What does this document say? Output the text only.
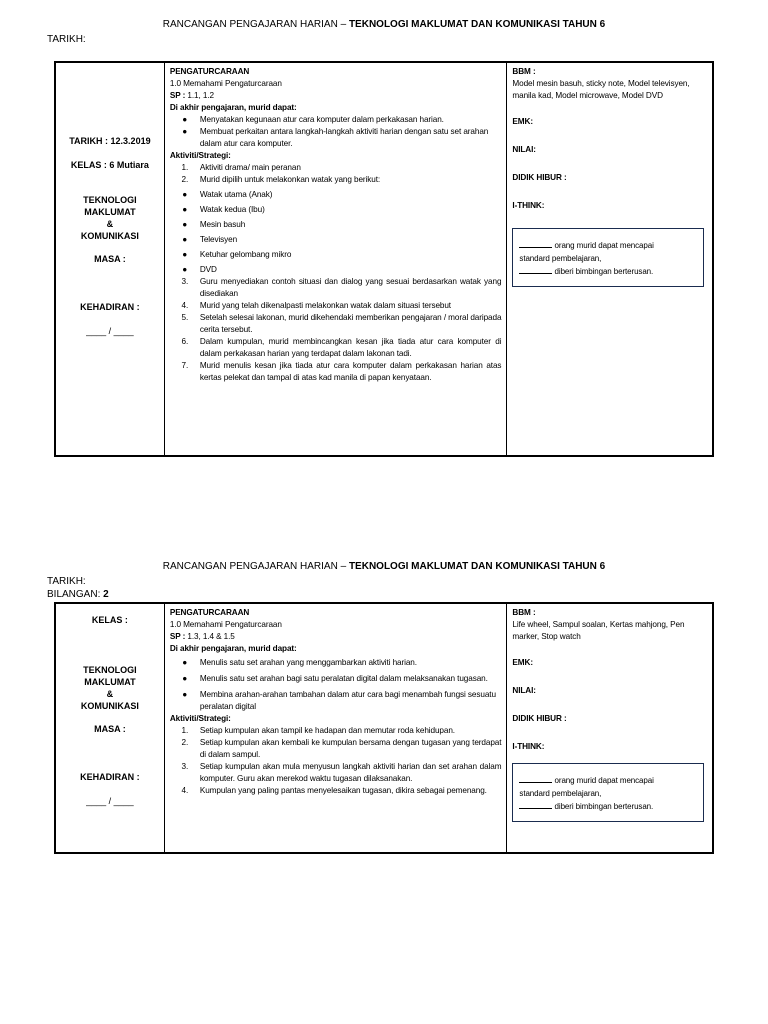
RANCANGAN PENGAJARAN HARIAN – TEKNOLOGI MAKLUMAT DAN KOMUNIKASI TAHUN 6
TARIKH:
TARIKH : 12.3.2019
KELAS : 6 Mutiara
TEKNOLOGI
MAKLUMAT
&
KOMUNIKASI
MASA :
KEHADIRAN :
____ / ____

PENGATURCARAAN
1.0 Memahami Pengaturcaraan
SP : 1.1, 1.2
Di akhir pengajaran, murid dapat:
●	Menyatakan kegunaan atur cara komputer dalam perkakasan harian.
●	Membuat perkaitan antara langkah-langkah aktiviti harian dengan satu set arahan dalam atur cara komputer.
Aktiviti/Strategi:
1.	Aktiviti drama/ main peranan
2.	Murid dipilih untuk melakonkan watak yang berikut:
●	Watak utama (Anak)
●	Watak kedua (Ibu)
●	Mesin basuh
●	Televisyen
●	Ketuhar gelombang mikro
●	DVD
3.	Guru menyediakan contoh situasi dan dialog yang sesuai berdasarkan watak yang disediakan
4.	Murid yang telah dikenalpasti melakonkan watak dalam situasi tersebut
5.	Setelah selesai lakonan, murid dikehendaki memberikan pengajaran / moral daripada cerita tersebut.
6.	Dalam kumpulan, murid membincangkan kesan jika tiada atur cara komputer di dalam perkakasan harian yang terdapat dalam lakonan tadi.
7.	Murid menulis kesan jika tiada atur cara komputer dalam perkakasan harian atas kertas pelekat dan tampal di atas kad manila di papan kenyataan.

BBM :
Model mesin basuh, sticky note, Model televisyen, manila kad, Model microwave, Model DVD
EMK:
NILAI:
DIDIK HIBUR :
I-THINK:
orang murid dapat mencapai
standard pembelajaran,
diberi bimbingan berterusan.
RANCANGAN PENGAJARAN HARIAN – TEKNOLOGI MAKLUMAT DAN KOMUNIKASI TAHUN 6
TARIKH:
BILANGAN: 2
KELAS :
TEKNOLOGI
MAKLUMAT
&
KOMUNIKASI
MASA :
KEHADIRAN :
____ / ____

PENGATURCARAAN
1.0 Memahami Pengaturcaraan
SP : 1.3, 1.4 & 1.5
Di akhir pengajaran, murid dapat:
●	Menulis satu set arahan yang menggambarkan aktiviti harian.
●	Menulis satu set arahan bagi satu peralatan digital dalam melaksanakan tugasan.
●	Membina arahan-arahan tambahan dalam atur cara bagi menambah fungsi sesuatu peralatan digital
Aktiviti/Strategi:
1.	Setiap kumpulan akan tampil ke hadapan dan memutar roda kehidupan.
2.	Setiap kumpulan akan kembali ke kumpulan bersama dengan tugasan yang terdapat di dalam sampul.
3.	Setiap kumpulan akan mula menyusun langkah aktiviti harian dan set arahan dalam komputer. Guru akan merekod waktu tugasan dilaksanakan.
4.	Kumpulan yang paling pantas menyelesaikan tugasan, dikira sebagai pemenang.

BBM :
Life wheel, Sampul soalan, Kertas mahjong, Pen marker, Stop watch
EMK:
NILAI:
DIDIK HIBUR :
I-THINK:
orang murid dapat mencapai
standard pembelajaran,
diberi bimbingan berterusan.
